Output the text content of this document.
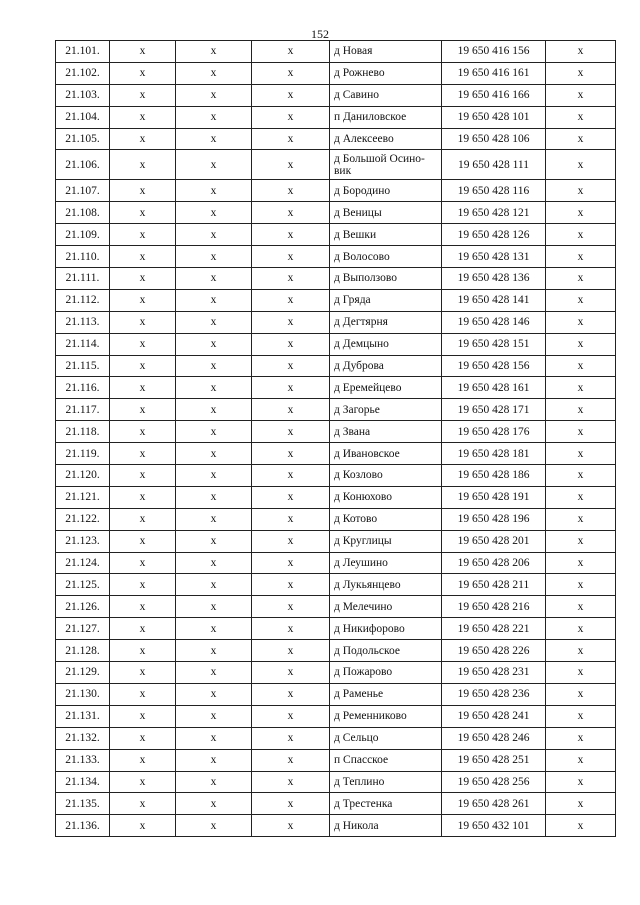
152
21.101.	х	х	х	д Новая	19 650 416 156	х
21.102.	х	х	х	д Рожнево	19 650 416 161	х
21.103.	х	х	х	д Савино	19 650 416 166	х
21.104.	х	х	х	п Даниловское	19 650 428 101	х
21.105.	х	х	х	д Алексеево	19 650 428 106	х
21.106.	х	х	х	д Большой Осино-вик	19 650 428 111	х
21.107.	х	х	х	д Бородино	19 650 428 116	х
21.108.	х	х	х	д Веницы	19 650 428 121	х
21.109.	х	х	х	д Вешки	19 650 428 126	х
21.110.	х	х	х	д Волосово	19 650 428 131	х
21.111.	х	х	х	д Выползово	19 650 428 136	х
21.112.	х	х	х	д Гряда	19 650 428 141	х
21.113.	х	х	х	д Дегтярня	19 650 428 146	х
21.114.	х	х	х	д Демцыно	19 650 428 151	х
21.115.	х	х	х	д Дуброва	19 650 428 156	х
21.116.	х	х	х	д Еремейцево	19 650 428 161	х
21.117.	х	х	х	д Загорье	19 650 428 171	х
21.118.	х	х	х	д Звана	19 650 428 176	х
21.119.	х	х	х	д Ивановское	19 650 428 181	х
21.120.	х	х	х	д Козлово	19 650 428 186	х
21.121.	х	х	х	д Конюхово	19 650 428 191	х
21.122.	х	х	х	д Котово	19 650 428 196	х
21.123.	х	х	х	д Круглицы	19 650 428 201	х
21.124.	х	х	х	д Леушино	19 650 428 206	х
21.125.	х	х	х	д Лукьянцево	19 650 428 211	х
21.126.	х	х	х	д Мелечино	19 650 428 216	х
21.127.	х	х	х	д Никифорово	19 650 428 221	х
21.128.	х	х	х	д Подольское	19 650 428 226	х
21.129.	х	х	х	д Пожарово	19 650 428 231	х
21.130.	х	х	х	д Раменье	19 650 428 236	х
21.131.	х	х	х	д Ременниково	19 650 428 241	х
21.132.	х	х	х	д Сельцо	19 650 428 246	х
21.133.	х	х	х	п Спасское	19 650 428 251	х
21.134.	х	х	х	д Теплино	19 650 428 256	х
21.135.	х	х	х	д Трестенка	19 650 428 261	х
21.136.	х	х	х	д Никола	19 650 432 101	х
